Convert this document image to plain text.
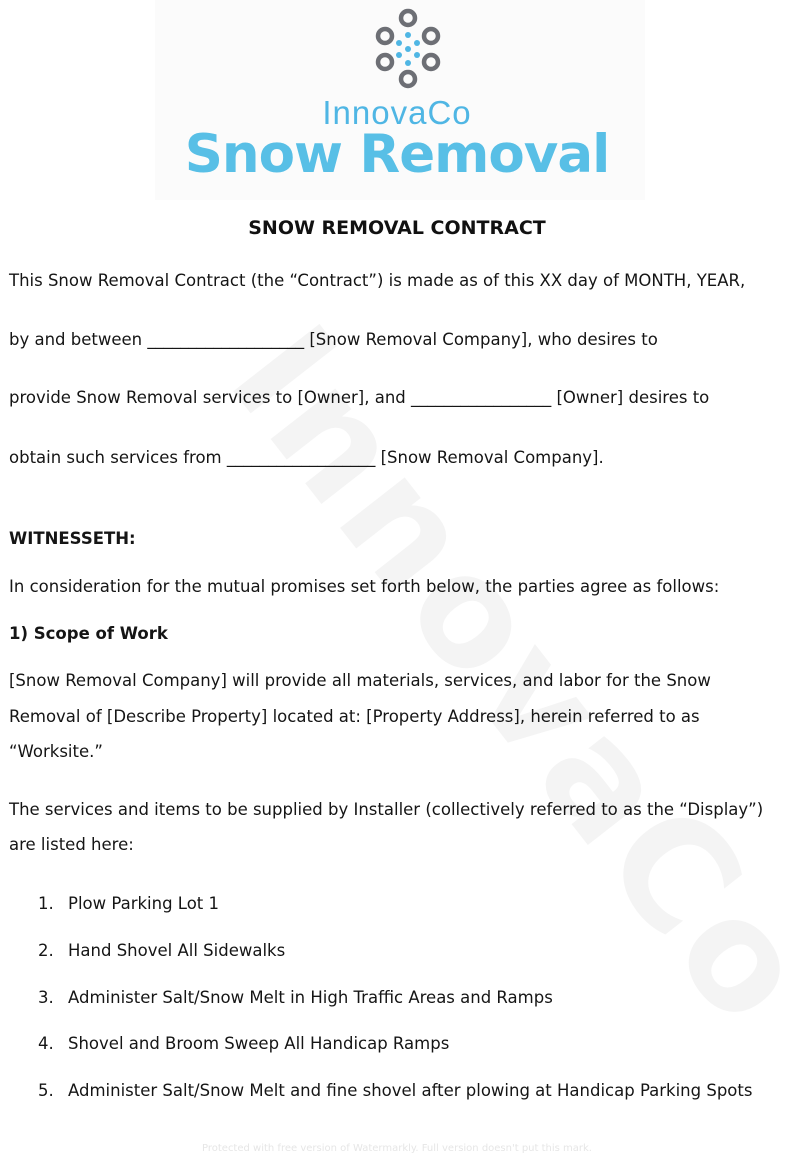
InnovaCo
Snow Removal
SNOW REMOVAL CONTRACT
This Snow Removal Contract (the “Contract”) is made as of this XX day of MONTH, YEAR,
by and between ___________________ [Snow Removal Company], who desires to
provide Snow Removal services to [Owner], and _________________ [Owner] desires to
obtain such services from __________________ [Snow Removal Company].
WITNESSETH:
In consideration for the mutual promises set forth below, the parties agree as follows:
1) Scope of Work
[Snow Removal Company] will provide all materials, services, and labor for the Snow
Removal of [Describe Property] located at: [Property Address], herein referred to as
“Worksite.”
The services and items to be supplied by Installer (collectively referred to as the “Display”)
are listed here:
1. Plow Parking Lot 1
2. Hand Shovel All Sidewalks
3. Administer Salt/Snow Melt in High Traffic Areas and Ramps
4. Shovel and Broom Sweep All Handicap Ramps
5. Administer Salt/Snow Melt and fine shovel after plowing at Handicap Parking Spots
Protected with free version of Watermarkly. Full version doesn't put this mark.
